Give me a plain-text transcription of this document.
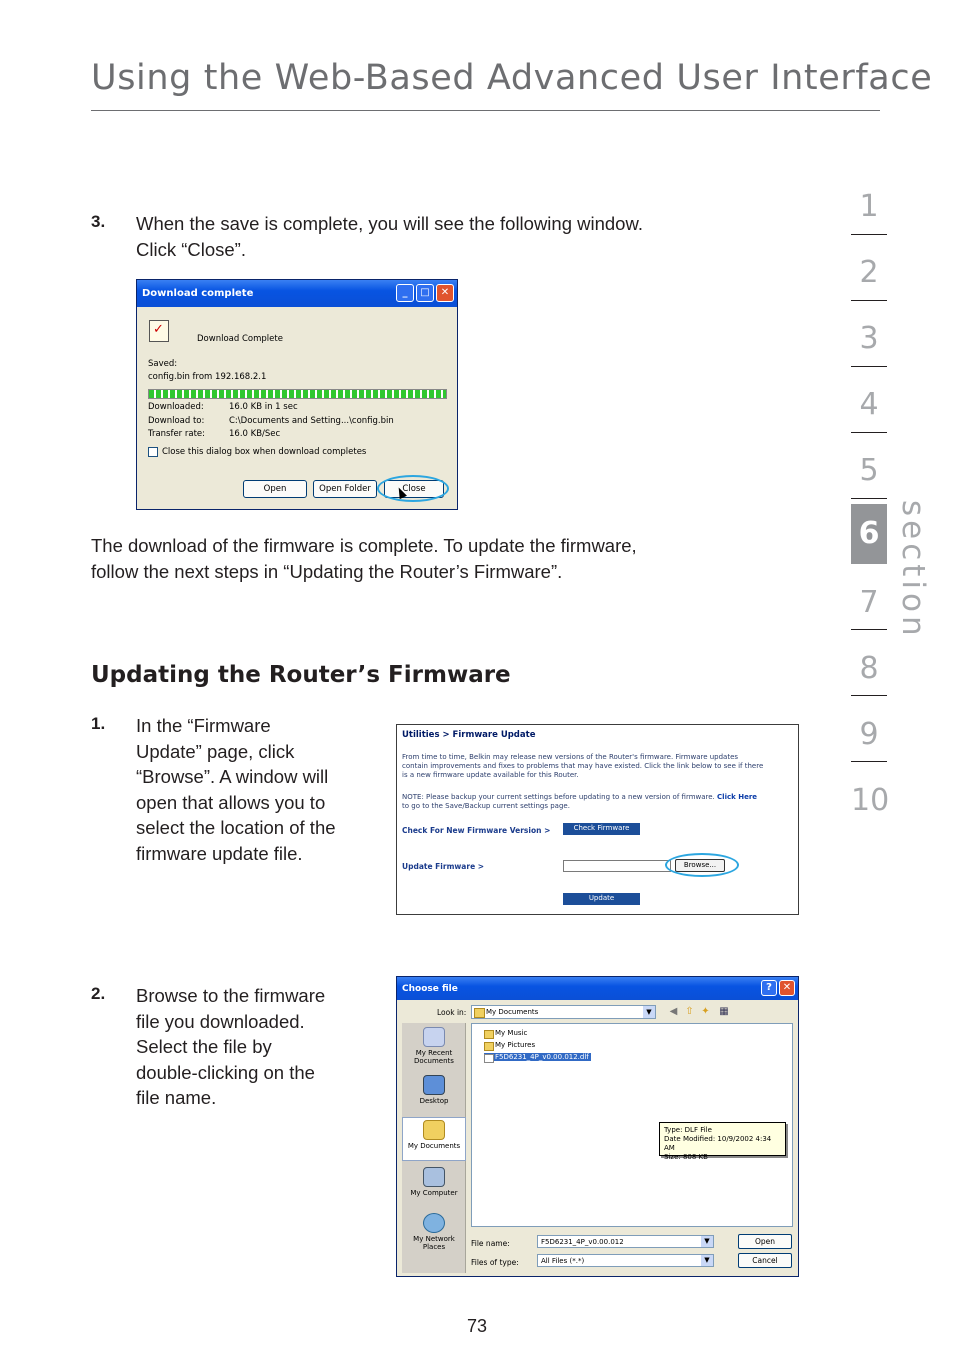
Using the Web-Based Advanced User Interface
1
2
3
4
5
6
7
8
9
10
section
3. When the save is complete, you will see the following window.
Click “Close”.
Download complete	_	□	✕
✓
Download Complete
Saved:
config.bin from 192.168.2.1
Downloaded:	16.0 KB in 1 sec
Download to:	C:\Documents and Setting...\config.bin
Transfer rate:	16.0 KB/Sec
Close this dialog box when download completes
Open	Open Folder	Close
The download of the firmware is complete. To update the firmware,
follow the next steps in “Updating the Router’s Firmware”.
Updating the Router’s Firmware
1. In the “Firmware
Update” page, click
“Browse”. A window will
open that allows you to
select the location of the
firmware update file.
Utilities > Firmware Update
From time to time, Belkin may release new versions of the Router's firmware. Firmware updates
contain improvements and fixes to problems that may have existed. Click the link below to see if there
is a new firmware update available for this Router.
NOTE: Please backup your current settings before updating to a new version of firmware. Click Here
to go to the Save/Backup current settings page.
Check For New Firmware Version >	Check Firmware
Update Firmware >	Browse...
Update
2. Browse to the firmware
file you downloaded.
Select the file by
double-clicking on the
file name.
Choose file	?	✕
Look in:	My Documents	▼	◀ ⇧ ✦ ▦
My Recent
Documents
Desktop
My Documents
My Computer
My Network
Places
My Music
My Pictures
F5D6231_4P_v0.00.012.dlf
Type: DLF File
Date Modified: 10/9/2002 4:34 AM
Size: 808 KB
File name:	F5D6231_4P_v0.00.012	▼
Files of type:	All Files (*.*)	▼
Open
Cancel
73
